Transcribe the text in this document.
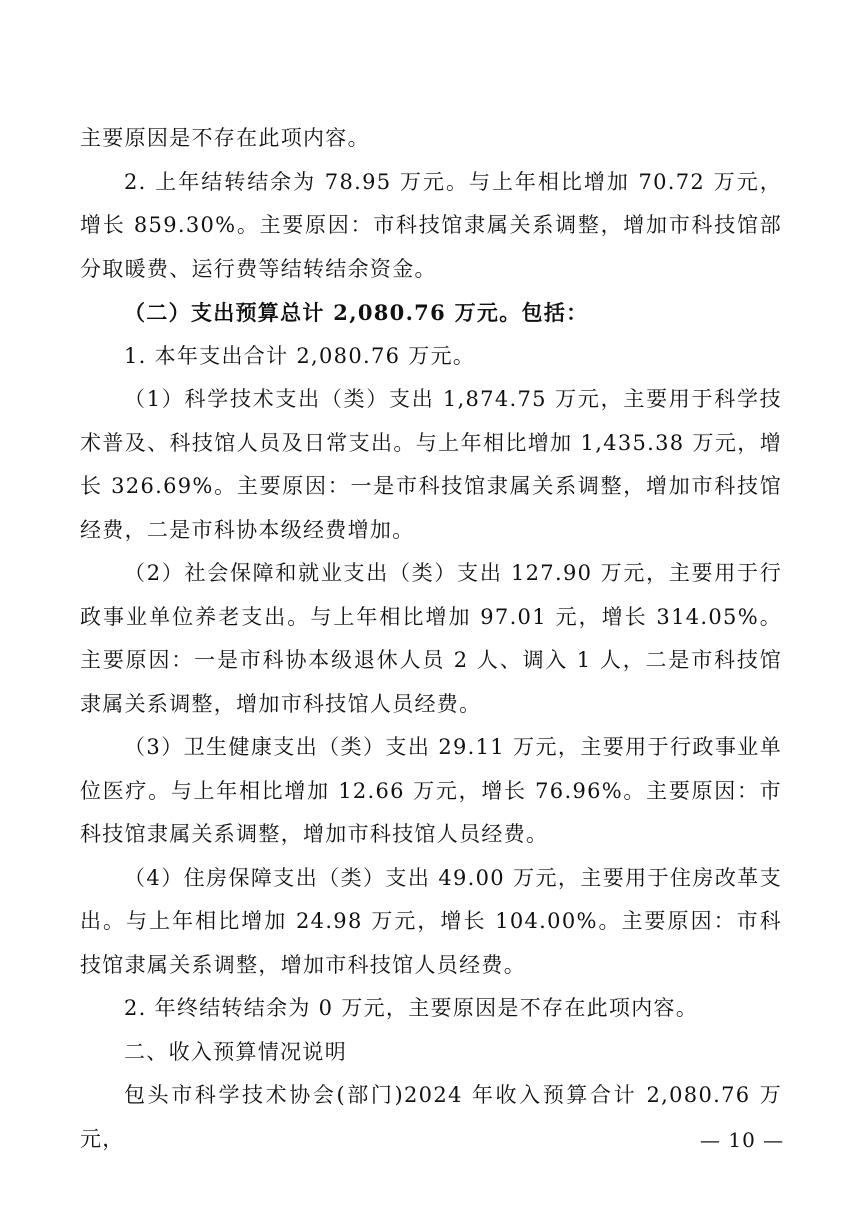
主要原因是不存在此项内容。

2. 上年结转结余为 78.95 万元。与上年相比增加 70.72 万元，增长 859.30%。主要原因：市科技馆隶属关系调整，增加市科技馆部分取暖费、运行费等结转结余资金。

（二）支出预算总计 2,080.76 万元。包括：

1. 本年支出合计 2,080.76 万元。

（1）科学技术支出（类）支出 1,874.75 万元，主要用于科学技术普及、科技馆人员及日常支出。与上年相比增加 1,435.38 万元，增长 326.69%。主要原因：一是市科技馆隶属关系调整，增加市科技馆经费，二是市科协本级经费增加。

（2）社会保障和就业支出（类）支出 127.90 万元，主要用于行政事业单位养老支出。与上年相比增加 97.01 元，增长 314.05%。主要原因：一是市科协本级退休人员 2 人、调入 1 人，二是市科技馆隶属关系调整，增加市科技馆人员经费。

（3）卫生健康支出（类）支出 29.11 万元，主要用于行政事业单位医疗。与上年相比增加 12.66 万元，增长 76.96%。主要原因：市科技馆隶属关系调整，增加市科技馆人员经费。

（4）住房保障支出（类）支出 49.00 万元，主要用于住房改革支出。与上年相比增加 24.98 万元，增长 104.00%。主要原因：市科技馆隶属关系调整，增加市科技馆人员经费。

2. 年终结转结余为 0 万元，主要原因是不存在此项内容。

二、收入预算情况说明

包头市科学技术协会(部门)2024 年收入预算合计 2,080.76 万元，	— 10 —
